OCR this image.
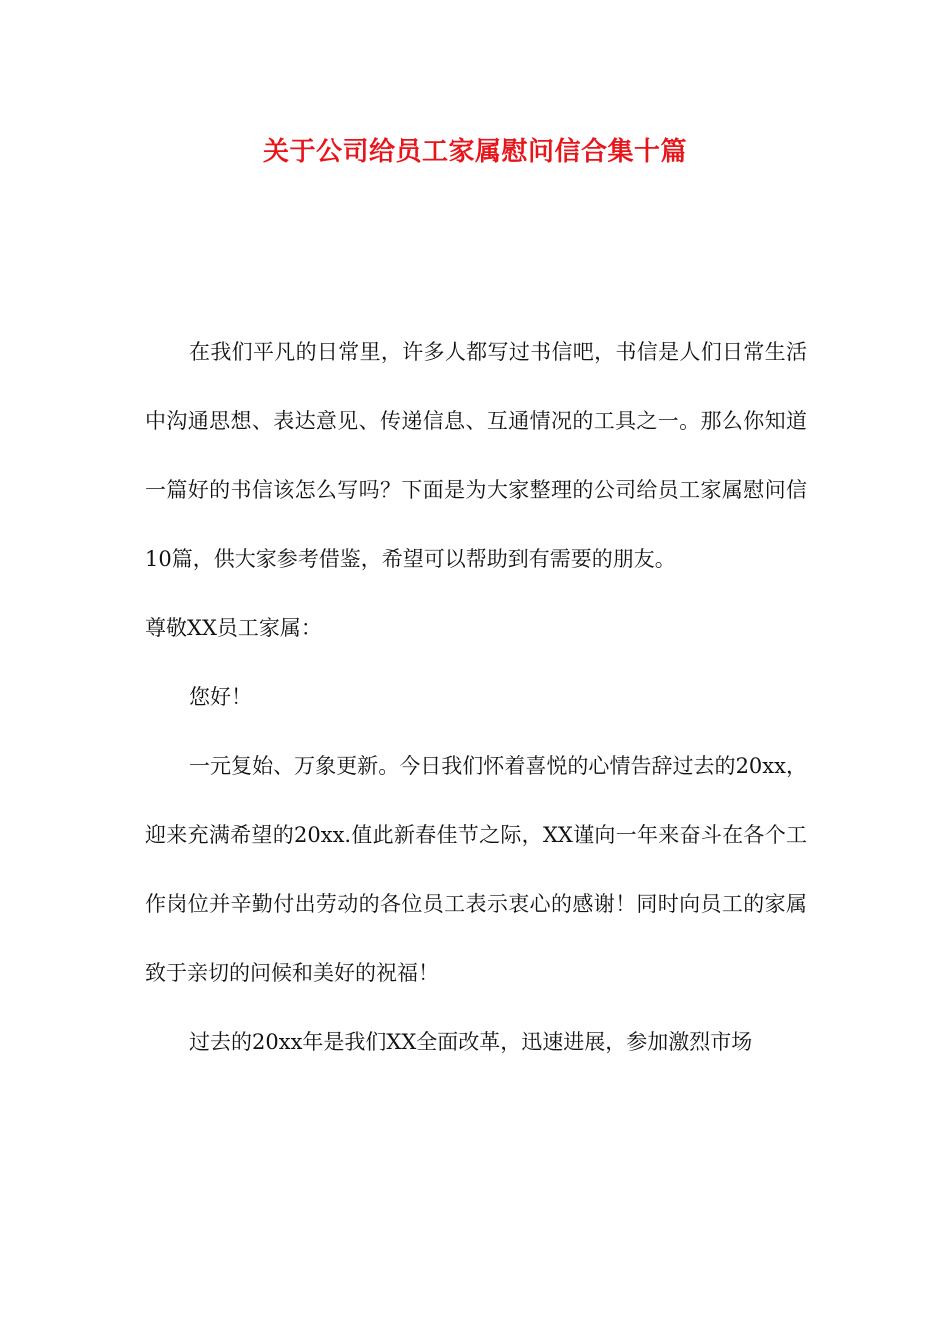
关于公司给员工家属慰问信合集十篇

在我们平凡的日常里，许多人都写过书信吧，书信是人们日常生活中沟通思想、表达意见、传递信息、互通情况的工具之一。那么你知道一篇好的书信该怎么写吗？下面是为大家整理的公司给员工家属慰问信10篇，供大家参考借鉴，希望可以帮助到有需要的朋友。

尊敬XX员工家属：

您好！

一元复始、万象更新。今日我们怀着喜悦的心情告辞过去的20xx，迎来充满希望的20xx.值此新春佳节之际，XX谨向一年来奋斗在各个工作岗位并辛勤付出劳动的各位员工表示衷心的感谢！同时向员工的家属致于亲切的问候和美好的祝福！

过去的20xx年是我们XX全面改革，迅速进展，参加激烈市场
